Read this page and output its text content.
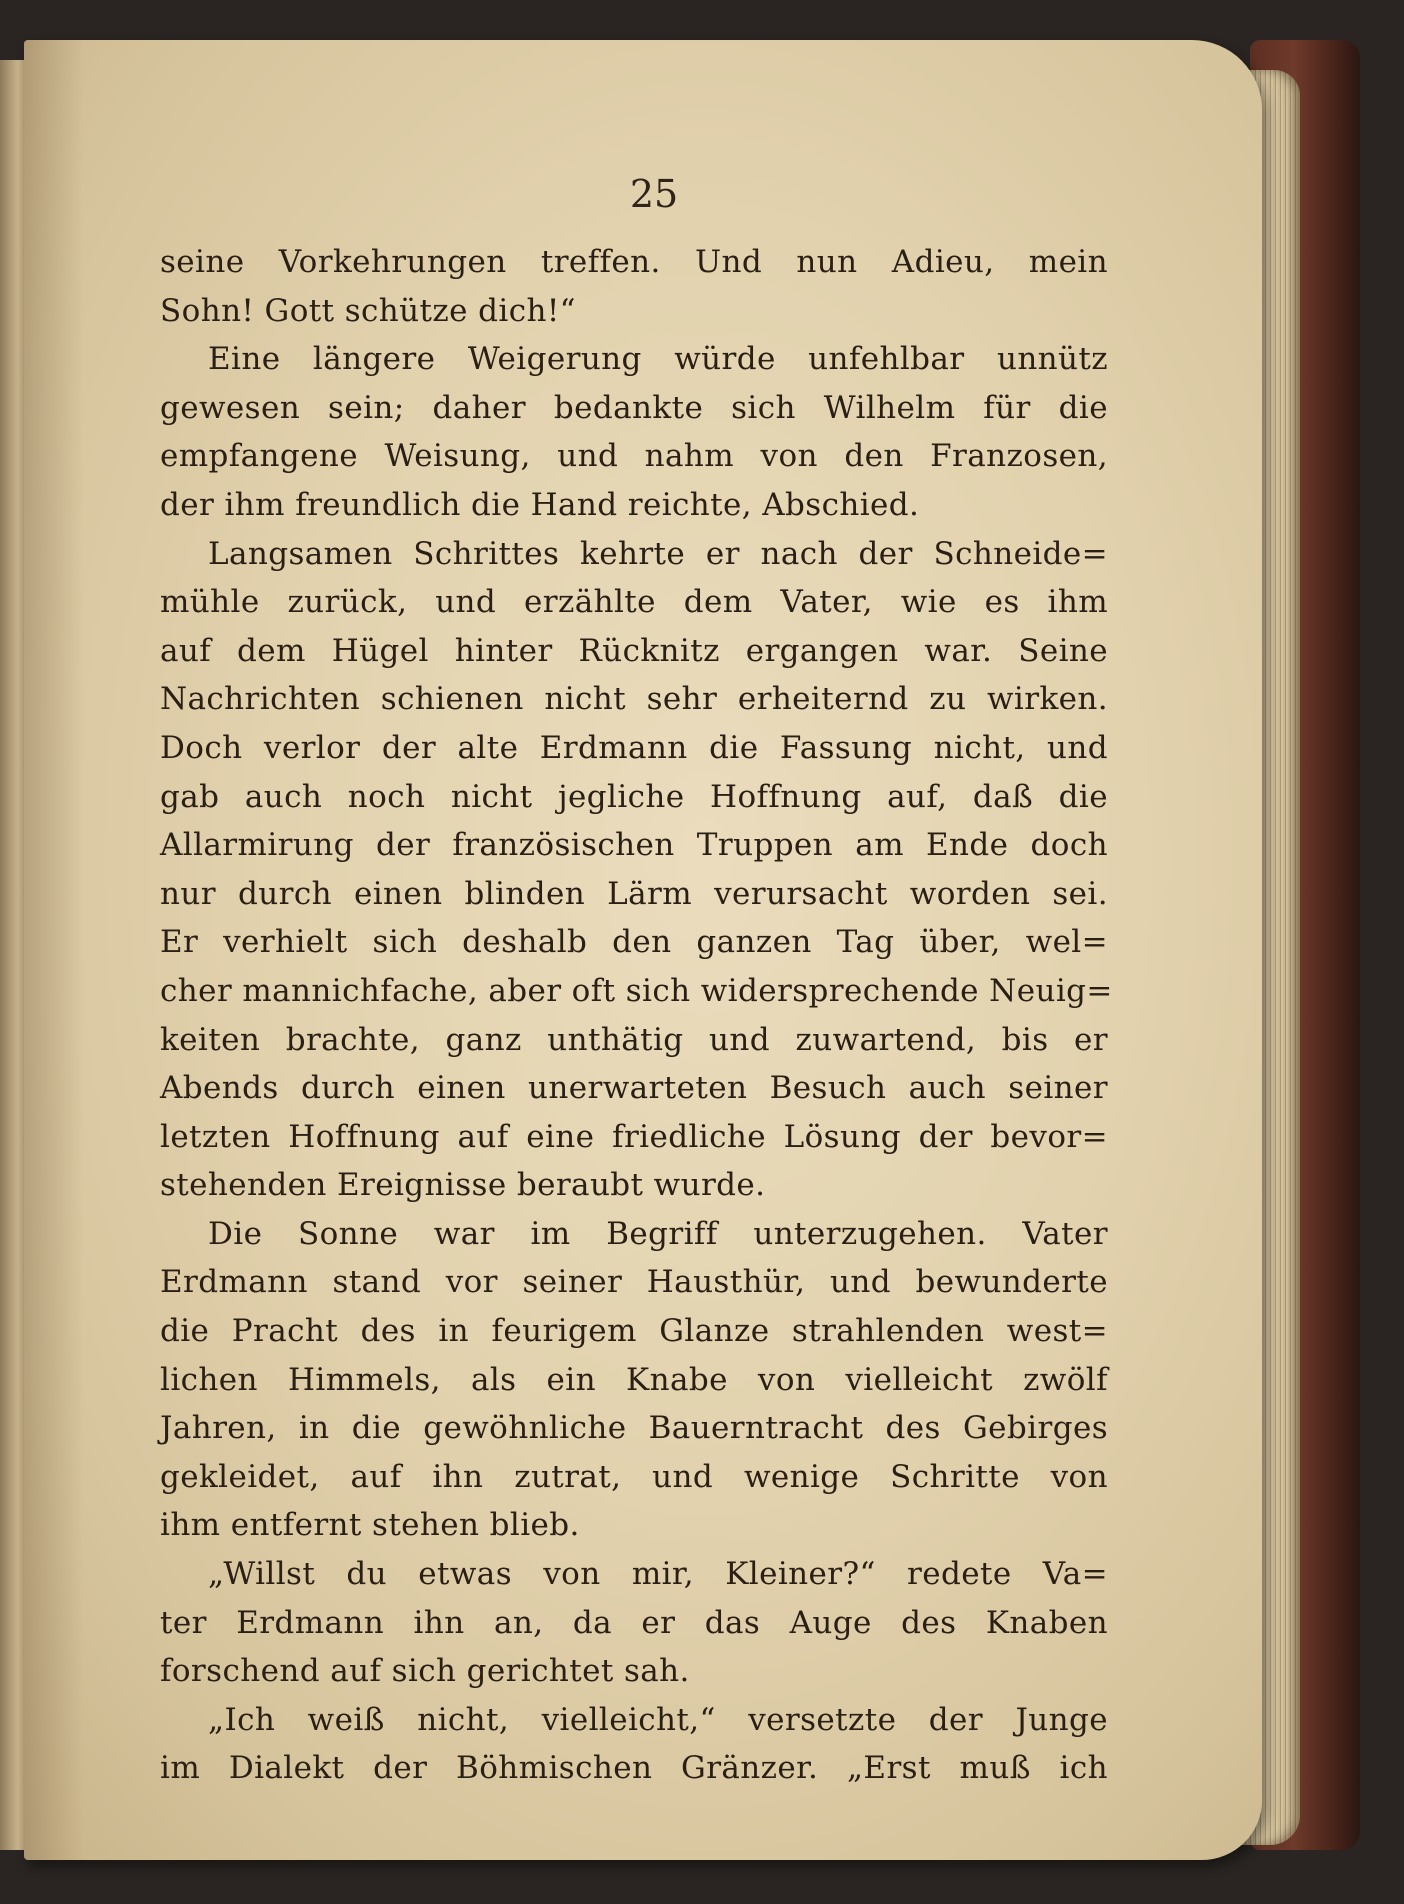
25
seine Vorkehrungen treffen. Und nun Adieu, mein
Sohn! Gott schütze dich!“
Eine längere Weigerung würde unfehlbar unnütz
gewesen sein; daher bedankte sich Wilhelm für die
empfangene Weisung, und nahm von den Franzosen,
der ihm freundlich die Hand reichte, Abschied.
Langsamen Schrittes kehrte er nach der Schneide=
mühle zurück, und erzählte dem Vater, wie es ihm
auf dem Hügel hinter Rücknitz ergangen war. Seine
Nachrichten schienen nicht sehr erheiternd zu wirken.
Doch verlor der alte Erdmann die Fassung nicht, und
gab auch noch nicht jegliche Hoffnung auf, daß die
Allarmirung der französischen Truppen am Ende doch
nur durch einen blinden Lärm verursacht worden sei.
Er verhielt sich deshalb den ganzen Tag über, wel=
cher mannichfache, aber oft sich widersprechende Neuig=
keiten brachte, ganz unthätig und zuwartend, bis er
Abends durch einen unerwarteten Besuch auch seiner
letzten Hoffnung auf eine friedliche Lösung der bevor=
stehenden Ereignisse beraubt wurde.
Die Sonne war im Begriff unterzugehen. Vater
Erdmann stand vor seiner Hausthür, und bewunderte
die Pracht des in feurigem Glanze strahlenden west=
lichen Himmels, als ein Knabe von vielleicht zwölf
Jahren, in die gewöhnliche Bauerntracht des Gebirges
gekleidet, auf ihn zutrat, und wenige Schritte von
ihm entfernt stehen blieb.
„Willst du etwas von mir, Kleiner?“ redete Va=
ter Erdmann ihn an, da er das Auge des Knaben
forschend auf sich gerichtet sah.
„Ich weiß nicht, vielleicht,“ versetzte der Junge
im Dialekt der Böhmischen Gränzer. „Erst muß ich
